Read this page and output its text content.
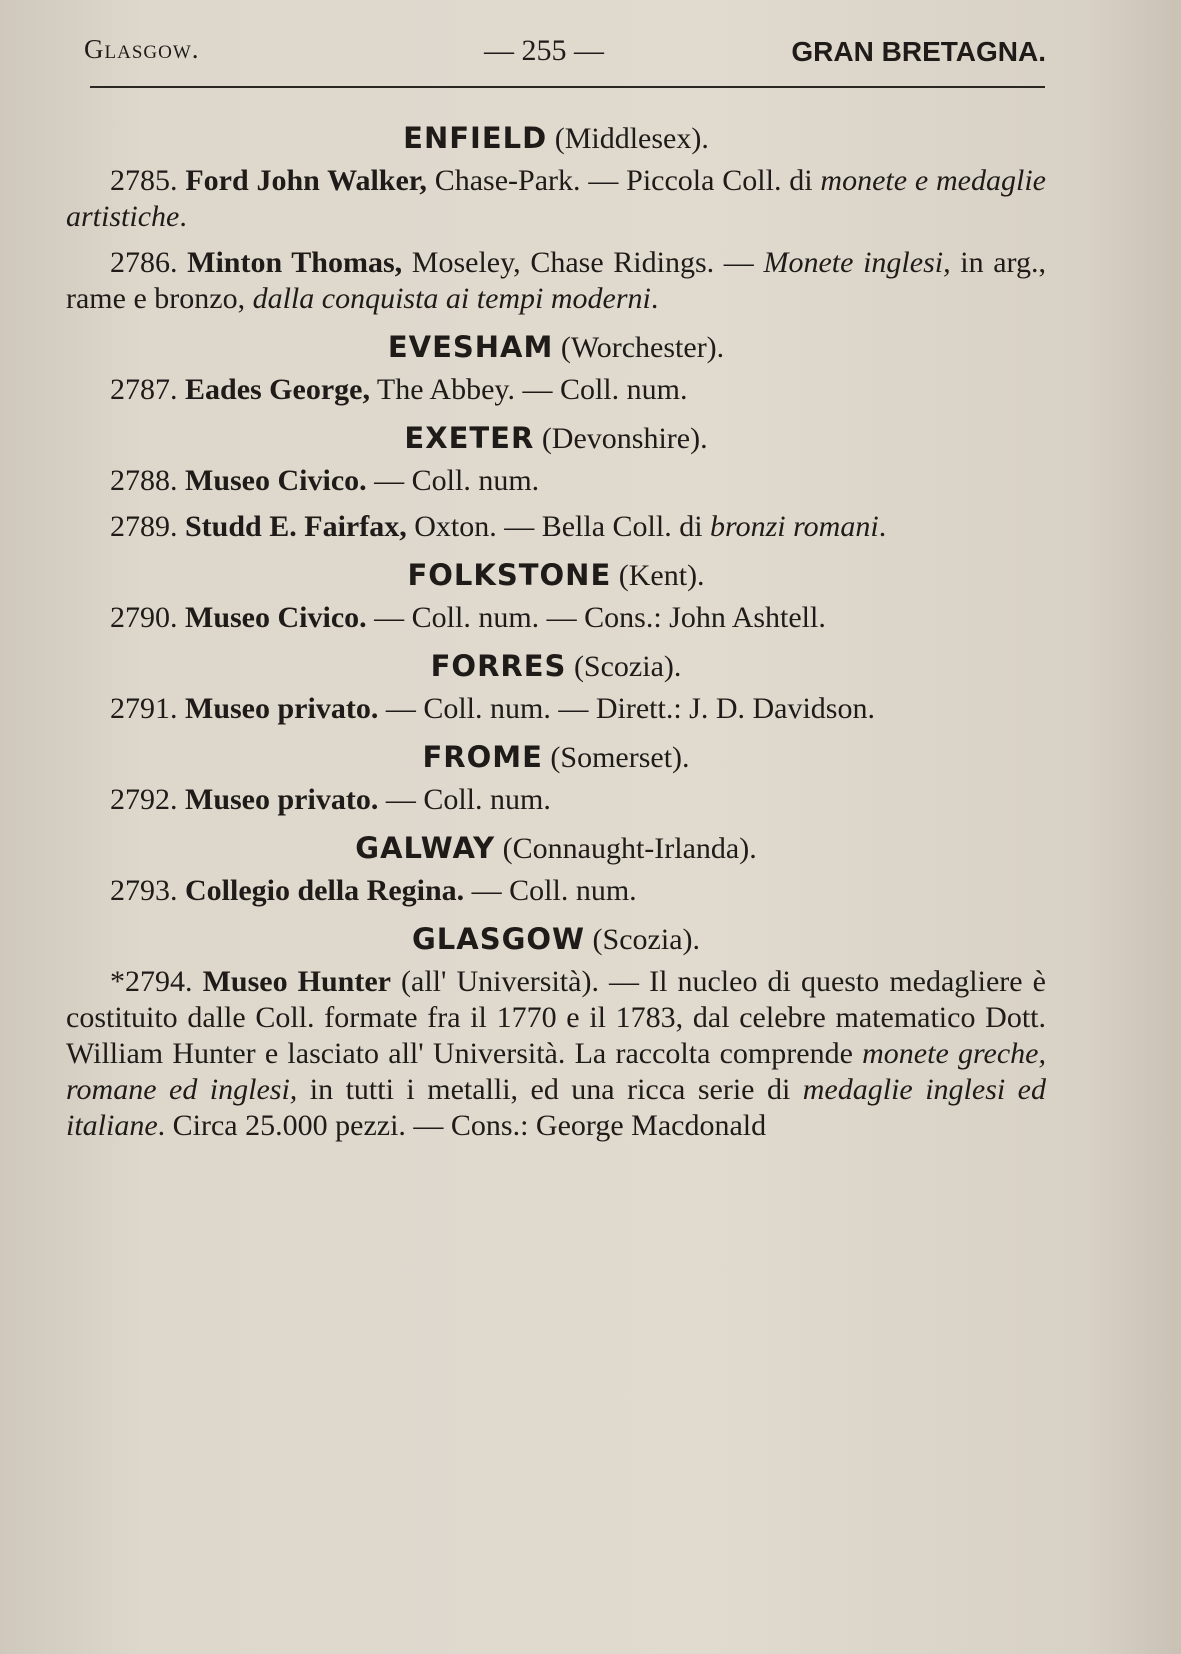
Glasgow.	— 255 —	GRAN BRETAGNA.
ENFIELD (Middlesex).

2785. Ford John Walker, Chase-Park. — Piccola Coll. di monete e medaglie artistiche.

2786. Minton Thomas, Moseley, Chase Ridings. — Monete inglesi, in arg., rame e bronzo, dalla conquista ai tempi moderni.

EVESHAM (Worchester).

2787. Eades George, The Abbey. — Coll. num.

EXETER (Devonshire).

2788. Museo Civico. — Coll. num.

2789. Studd E. Fairfax, Oxton. — Bella Coll. di bronzi romani.

FOLKSTONE (Kent).

2790. Museo Civico. — Coll. num. — Cons.: John Ashtell.

FORRES (Scozia).

2791. Museo privato. — Coll. num. — Dirett.: J. D. Davidson.

FROME (Somerset).

2792. Museo privato. — Coll. num.

GALWAY (Connaught-Irlanda).

2793. Collegio della Regina. — Coll. num.

GLASGOW (Scozia).

*2794. Museo Hunter (all' Università). — Il nucleo di questo medagliere è costituito dalle Coll. formate fra il 1770 e il 1783, dal celebre matematico Dott. William Hunter e lasciato all' Università. La raccolta comprende monete greche, romane ed inglesi, in tutti i metalli, ed una ricca serie di medaglie inglesi ed italiane. Circa 25.000 pezzi. — Cons.: George Macdonald
